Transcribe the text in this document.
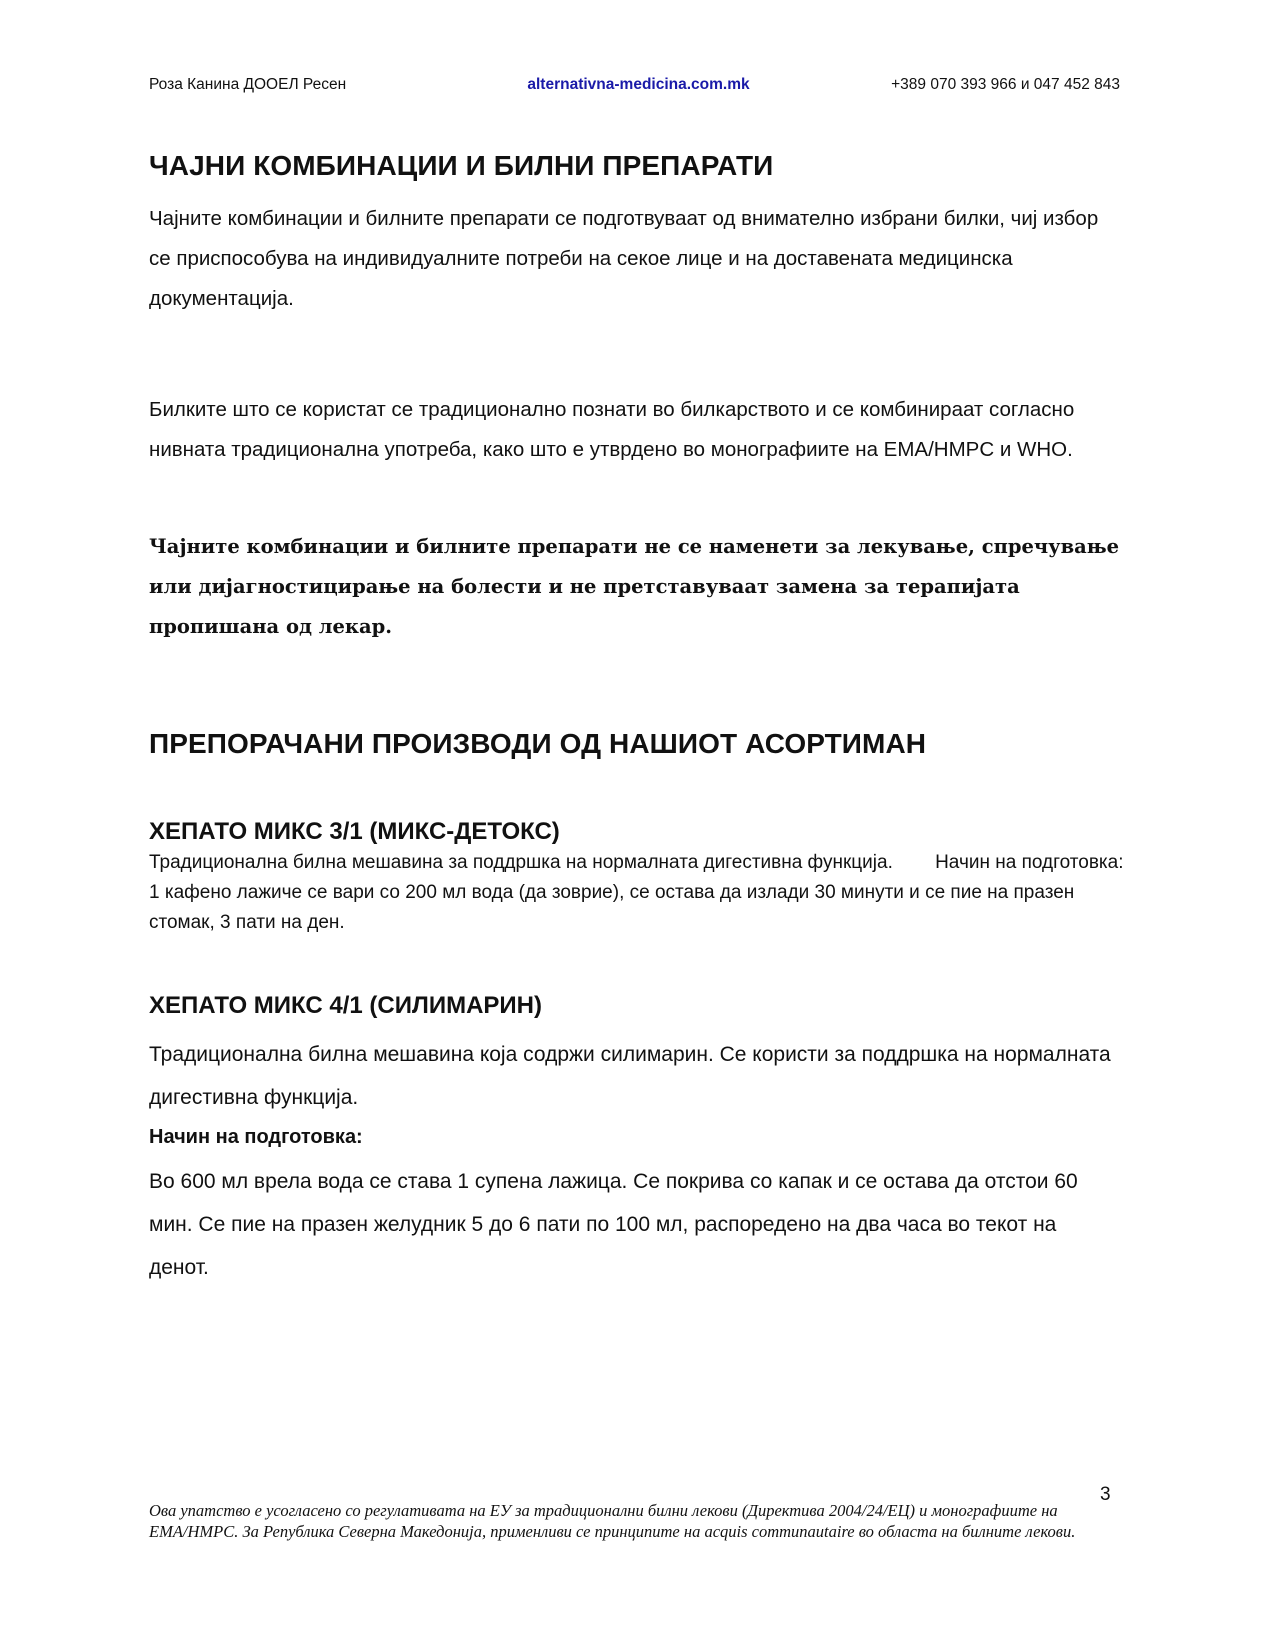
Роза Канина ДООЕЛ Ресен	alternativna-medicina.com.mk	+389 070 393 966 и 047 452 843
ЧАЈНИ КОМБИНАЦИИ И БИЛНИ ПРЕПАРАТИ

Чајните комбинации и билните препарати се подготвуваат од внимателно избрани билки, чиј избор се приспособува на индивидуалните потреби на секое лице и на доставената медицинска документација.

Билките што се користат се традиционално познати во билкарството и се комбинираат согласно нивната традиционална употреба, како што е утврдено во монографиите на ЕМА/HMPC и WHO.

Чајните комбинации и билните препарати не се наменети за лекување, спречување или дијагностицирање на болести и не претставуваат замена за терапијата пропишана од лекар.

ПРЕПОРАЧАНИ ПРОИЗВОДИ ОД НАШИОТ АСОРТИМАН
ХЕПАТО МИКС 3/1 (МИКС-ДЕТОКС)

Традиционална билна мешавина за поддршка на нормалната дигестивна функција.        Начин на подготовка: 1 кафено лажиче се вари со 200 мл вода (да зоврие), се остава да излади 30 минути и се пие на празен стомак, 3 пати на ден.

ХЕПАТО МИКС 4/1 (СИЛИМАРИН)

Традиционална билна мешавина која содржи силимарин. Се користи за поддршка на нормалната дигестивна функција.

Начин на подготовка:

Во 600 мл врела вода се става 1 супена лажица. Се покрива со капак и се остава да отстои 60 мин. Се пие на празен желудник 5 до 6 пати по 100 мл, распоредено на два часа во текот на денот.

3

Ова упатство е усогласено со регулативата на ЕУ за традиционални билни лекови (Директива 2004/24/ЕЦ) и монографиите на ЕМА/HMPC. За Република Северна Македонија, применливи се принципите на acquis communautaire во областа на билните лекови.
